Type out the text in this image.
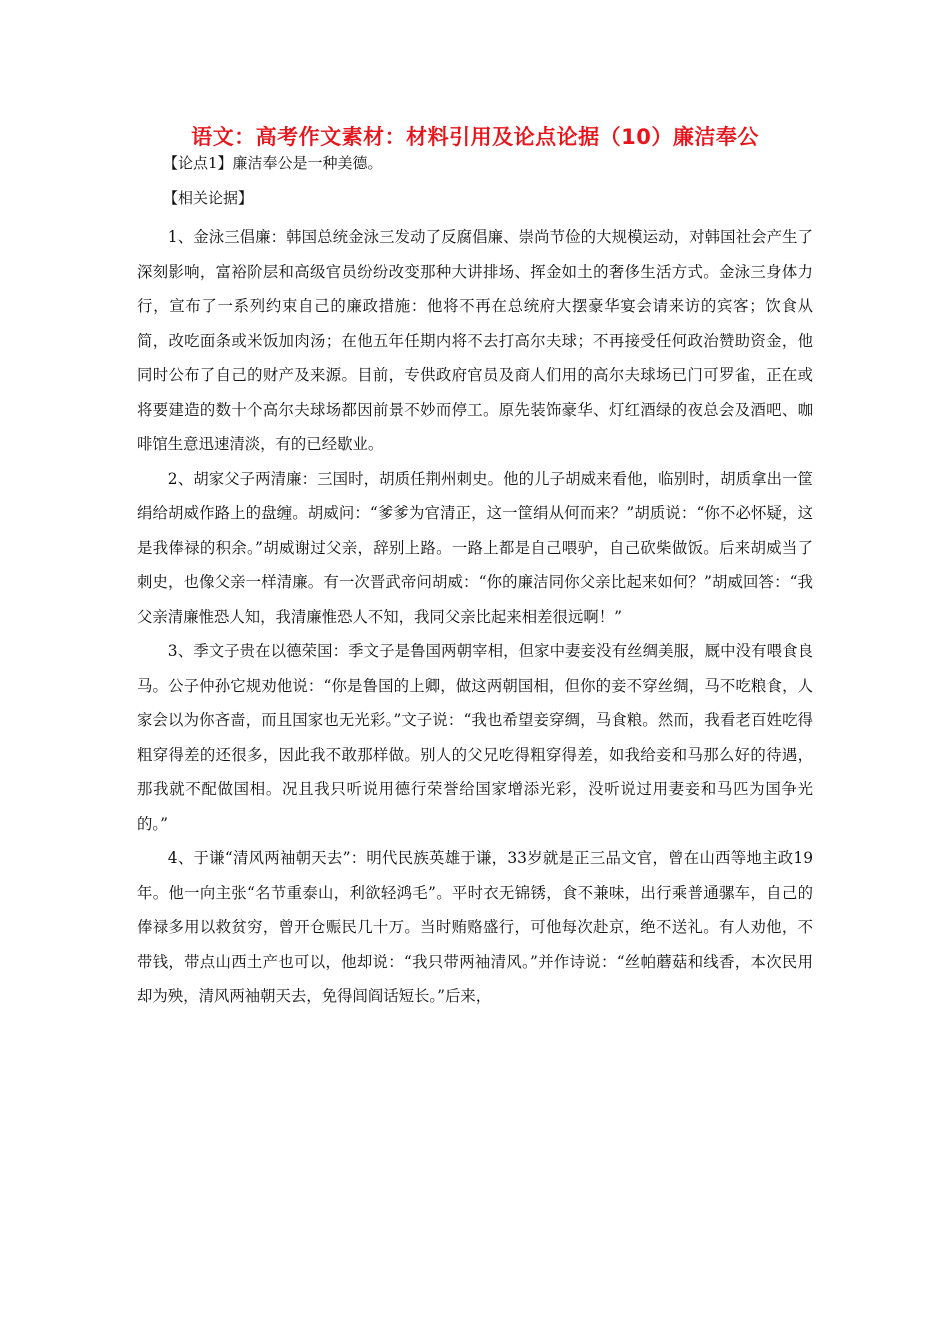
语文：高考作文素材：材料引用及论点论据（10）廉洁奉公
【论点1】廉洁奉公是一种美德。
【相关论据】

1、金泳三倡廉：韩国总统金泳三发动了反腐倡廉、崇尚节俭的大规模运动，对韩国社会产生了深刻影响，富裕阶层和高级官员纷纷改变那种大讲排场、挥金如土的奢侈生活方式。金泳三身体力行，宣布了一系列约束自己的廉政措施：他将不再在总统府大摆豪华宴会请来访的宾客；饮食从简，改吃面条或米饭加肉汤；在他五年任期内将不去打高尔夫球；不再接受任何政治赞助资金，他同时公布了自己的财产及来源。目前，专供政府官员及商人们用的高尔夫球场已门可罗雀，正在或将要建造的数十个高尔夫球场都因前景不妙而停工。原先装饰豪华、灯红酒绿的夜总会及酒吧、咖啡馆生意迅速清淡，有的已经歇业。

2、胡家父子两清廉：三国时，胡质任荆州刺史。他的儿子胡威来看他，临别时，胡质拿出一筐绢给胡威作路上的盘缠。胡威问：“爹爹为官清正，这一筐绢从何而来？”胡质说：“你不必怀疑，这是我俸禄的积余。”胡威谢过父亲，辞别上路。一路上都是自己喂驴，自己砍柴做饭。后来胡威当了刺史，也像父亲一样清廉。有一次晋武帝问胡威：“你的廉洁同你父亲比起来如何？”胡威回答：“我父亲清廉惟恐人知，我清廉惟恐人不知，我同父亲比起来相差很远啊！”

3、季文子贵在以德荣国：季文子是鲁国两朝宰相，但家中妻妾没有丝绸美服，厩中没有喂食良马。公子仲孙它规劝他说：“你是鲁国的上卿，做这两朝国相，但你的妾不穿丝绸，马不吃粮食，人家会以为你吝啬，而且国家也无光彩。”文子说：“我也希望妾穿绸，马食粮。然而，我看老百姓吃得粗穿得差的还很多，因此我不敢那样做。别人的父兄吃得粗穿得差，如我给妾和马那么好的待遇，那我就不配做国相。况且我只听说用德行荣誉给国家增添光彩，没听说过用妻妾和马匹为国争光的。”

4、于谦“清风两袖朝天去”：明代民族英雄于谦，33岁就是正三品文官，曾在山西等地主政19年。他一向主张“名节重泰山，利欲轻鸿毛”。平时衣无锦锈，食不兼味，出行乘普通骡车，自己的俸禄多用以救贫穷，曾开仓赈民几十万。当时贿赂盛行，可他每次赴京，绝不送礼。有人劝他，不带钱，带点山西土产也可以，他却说：“我只带两袖清风。”并作诗说：“丝帕蘑菇和线香，本次民用却为殃，清风两袖朝天去，免得闾阎话短长。”后来，
